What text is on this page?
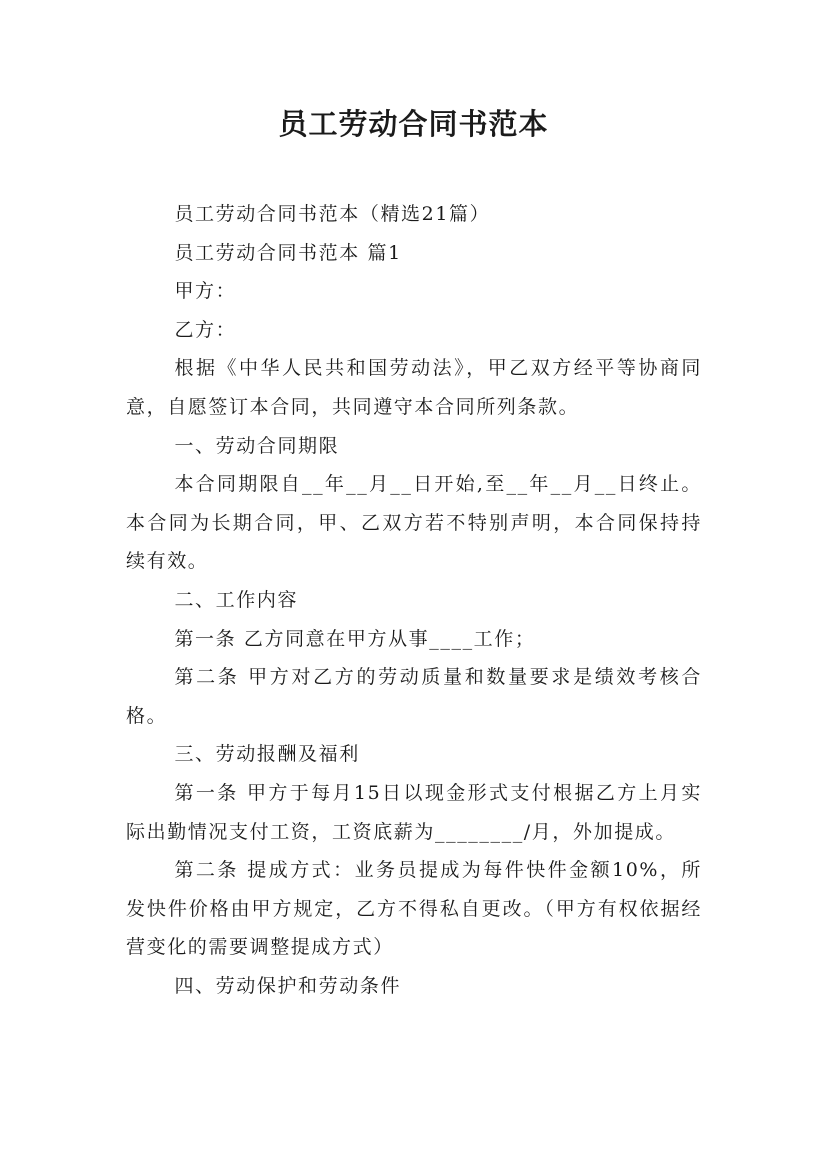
员工劳动合同书范本

员工劳动合同书范本（精选21篇）

员工劳动合同书范本 篇1

甲方：

乙方：

根据《中华人民共和国劳动法》，甲乙双方经平等协商同意，自愿签订本合同，共同遵守本合同所列条款。

一、劳动合同期限

本合同期限自__年__月__日开始,至__年__月__日终止。本合同为长期合同，甲、乙双方若不特别声明，本合同保持持续有效。

二、工作内容

第一条 乙方同意在甲方从事____工作；

第二条 甲方对乙方的劳动质量和数量要求是绩效考核合格。

三、劳动报酬及福利

第一条 甲方于每月15日以现金形式支付根据乙方上月实际出勤情况支付工资，工资底薪为________/月，外加提成。

第二条 提成方式：业务员提成为每件快件金额10%，所发快件价格由甲方规定，乙方不得私自更改。（甲方有权依据经营变化的需要调整提成方式）

四、劳动保护和劳动条件
